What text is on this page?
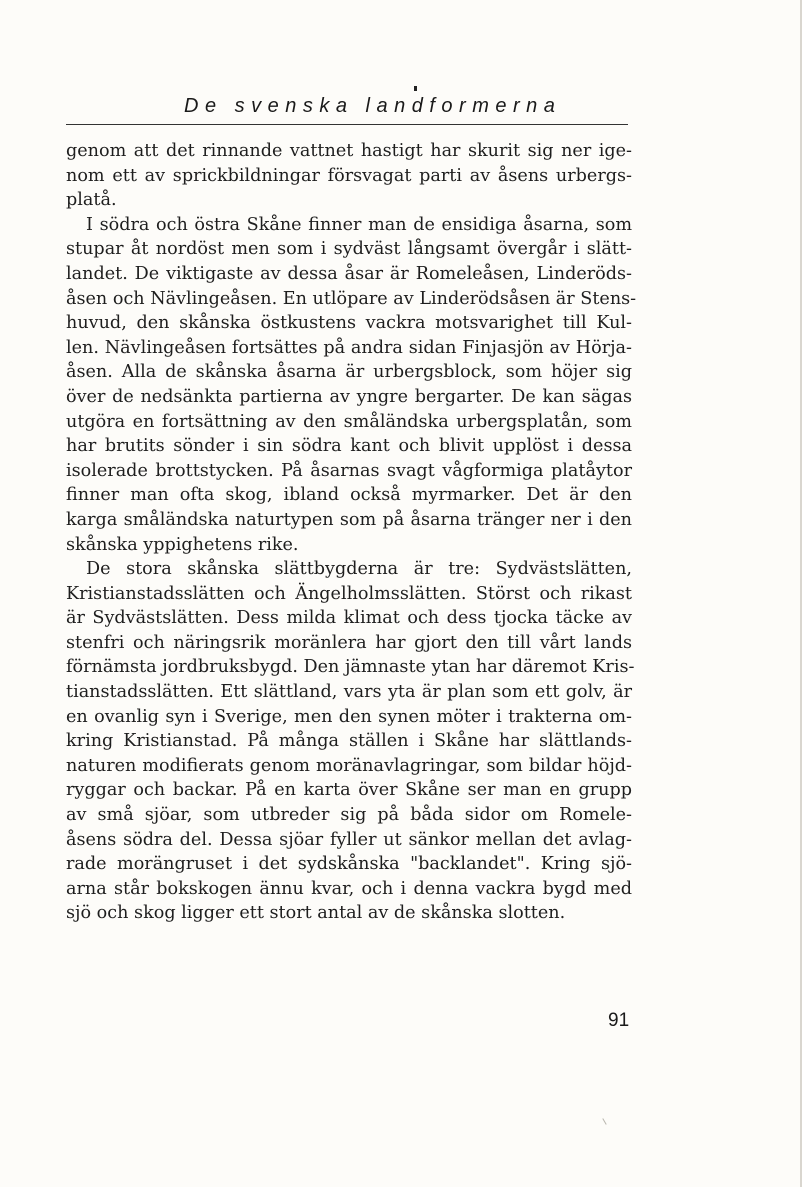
De svenska landformerna
genom att det rinnande vattnet hastigt har skurit sig ner ige-
nom ett av sprickbildningar försvagat parti av åsens urbergs-
platå.
I södra och östra Skåne finner man de ensidiga åsarna, som
stupar åt nordöst men som i sydväst långsamt övergår i slätt-
landet. De viktigaste av dessa åsar är Romeleåsen, Linderöds-
åsen och Nävlingeåsen. En utlöpare av Linderödsåsen är Stens-
huvud, den skånska östkustens vackra motsvarighet till Kul-
len. Nävlingeåsen fortsättes på andra sidan Finjasjön av Hörja-
åsen. Alla de skånska åsarna är urbergsblock, som höjer sig
över de nedsänkta partierna av yngre bergarter. De kan sägas
utgöra en fortsättning av den småländska urbergsplatån, som
har brutits sönder i sin södra kant och blivit upplöst i dessa
isolerade brottstycken. På åsarnas svagt vågformiga platåytor
finner man ofta skog, ibland också myrmarker. Det är den
karga småländska naturtypen som på åsarna tränger ner i den
skånska yppighetens rike.
De stora skånska slättbygderna är tre: Sydvästslätten,
Kristianstadsslätten och Ängelholmsslätten. Störst och rikast
är Sydvästslätten. Dess milda klimat och dess tjocka täcke av
stenfri och näringsrik moränlera har gjort den till vårt lands
förnämsta jordbruksbygd. Den jämnaste ytan har däremot Kris-
tianstadsslätten. Ett slättland, vars yta är plan som ett golv, är
en ovanlig syn i Sverige, men den synen möter i trakterna om-
kring Kristianstad. På många ställen i Skåne har slättlands-
naturen modifierats genom moränavlagringar, som bildar höjd-
ryggar och backar. På en karta över Skåne ser man en grupp
av små sjöar, som utbreder sig på båda sidor om Romele-
åsens södra del. Dessa sjöar fyller ut sänkor mellan det avlag-
rade morängruset i det sydskånska "backlandet". Kring sjö-
arna står bokskogen ännu kvar, och i denna vackra bygd med
sjö och skog ligger ett stort antal av de skånska slotten.
91
